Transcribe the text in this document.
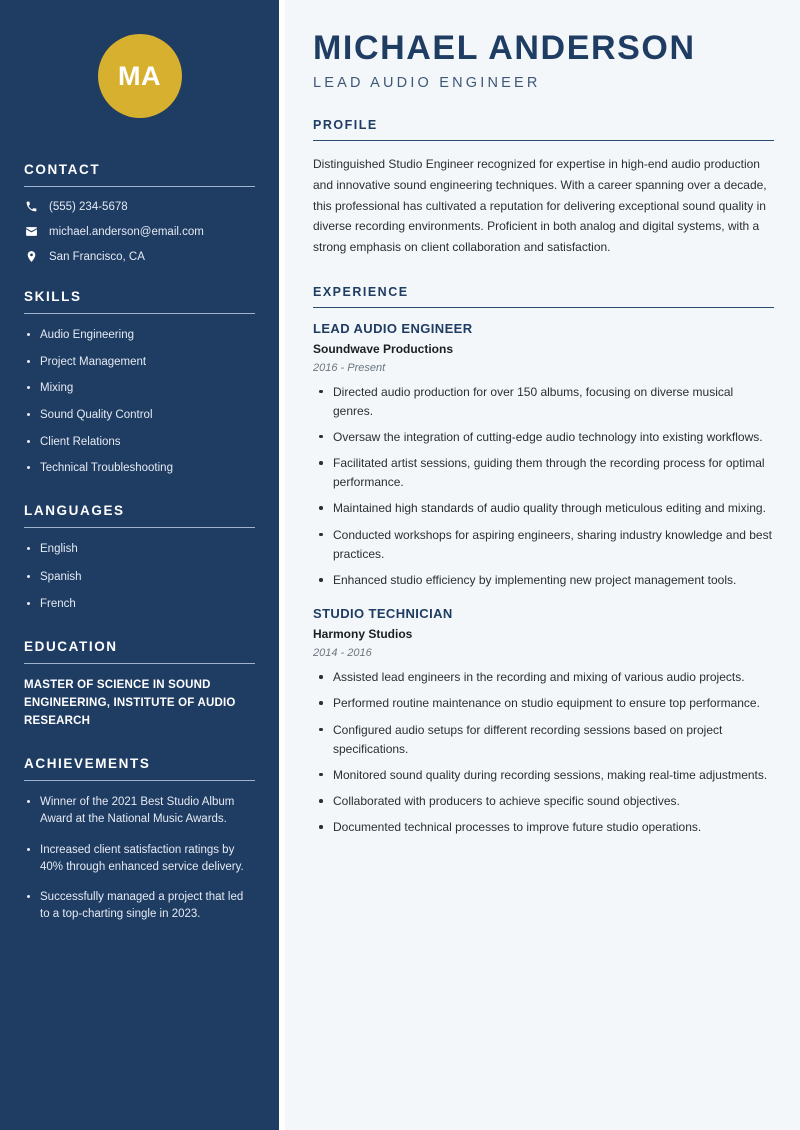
MA
CONTACT
(555) 234-5678
michael.anderson@email.com
San Francisco, CA
SKILLS
Audio Engineering
Project Management
Mixing
Sound Quality Control
Client Relations
Technical Troubleshooting
LANGUAGES
English
Spanish
French
EDUCATION
MASTER OF SCIENCE IN SOUND ENGINEERING, INSTITUTE OF AUDIO RESEARCH
ACHIEVEMENTS
Winner of the 2021 Best Studio Album Award at the National Music Awards.
Increased client satisfaction ratings by 40% through enhanced service delivery.
Successfully managed a project that led to a top-charting single in 2023.
MICHAEL ANDERSON
LEAD AUDIO ENGINEER
PROFILE

Distinguished Studio Engineer recognized for expertise in high-end audio production and innovative sound engineering techniques. With a career spanning over a decade, this professional has cultivated a reputation for delivering exceptional sound quality in diverse recording environments. Proficient in both analog and digital systems, with a strong emphasis on client collaboration and satisfaction.

EXPERIENCE
LEAD AUDIO ENGINEER
Soundwave Productions
2016 - Present
Directed audio production for over 150 albums, focusing on diverse musical genres.
Oversaw the integration of cutting-edge audio technology into existing workflows.
Facilitated artist sessions, guiding them through the recording process for optimal performance.
Maintained high standards of audio quality through meticulous editing and mixing.
Conducted workshops for aspiring engineers, sharing industry knowledge and best practices.
Enhanced studio efficiency by implementing new project management tools.
STUDIO TECHNICIAN
Harmony Studios
2014 - 2016
Assisted lead engineers in the recording and mixing of various audio projects.
Performed routine maintenance on studio equipment to ensure top performance.
Configured audio setups for different recording sessions based on project specifications.
Monitored sound quality during recording sessions, making real-time adjustments.
Collaborated with producers to achieve specific sound objectives.
Documented technical processes to improve future studio operations.
